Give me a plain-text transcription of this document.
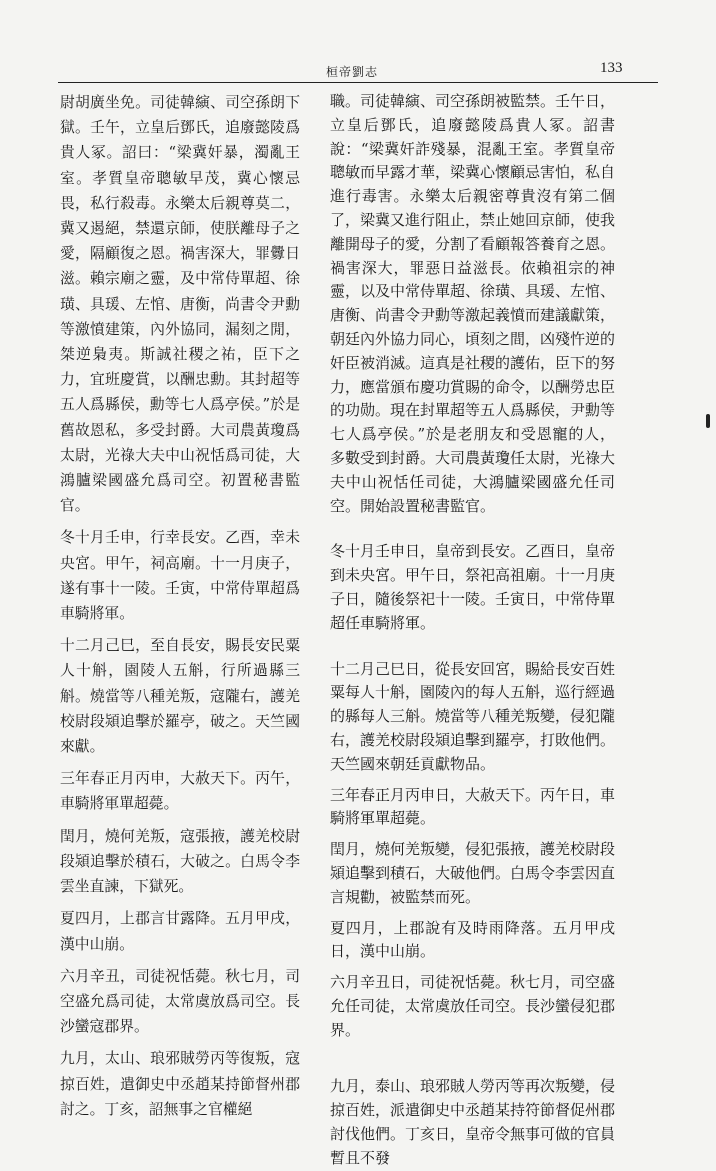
桓帝劉志	133

尉胡廣坐免。司徒韓縯、司空孫朗下獄。壬午，立皇后鄧氏，追廢懿陵爲貴人冢。詔曰：“梁冀奸暴，濁亂王室。孝質皇帝聰敏早茂，冀心懷忌畏，私行殺毒。永樂太后親尊莫二，冀又遏絕，禁還京師，使朕離母子之愛，隔顧復之恩。禍害深大，罪釁日滋。賴宗廟之靈，及中常侍單超、徐璜、具瑗、左悺、唐衡，尚書令尹勳等激憤建策，內外協同，漏刻之閒，桀逆梟夷。斯誠社稷之祐，臣下之力，宜班慶賞，以酬忠勳。其封超等五人爲縣侯，勳等七人爲亭侯。”於是舊故恩私，多受封爵。大司農黃瓊爲太尉，光祿大夫中山祝恬爲司徒，大鴻臚梁國盛允爲司空。初置秘書監官。

冬十月壬申，行幸長安。乙酉，幸未央宮。甲午，祠高廟。十一月庚子，遂有事十一陵。壬寅，中常侍單超爲車騎將軍。

十二月己巳，至自長安，賜長安民粟人十斛，園陵人五斛，行所過縣三斛。燒當等八種羌叛，寇隴右，護羌校尉段熲追擊於羅亭，破之。天竺國來獻。

三年春正月丙申，大赦天下。丙午，車騎將軍單超薨。

閏月，燒何羌叛，寇張掖，護羌校尉段熲追擊於積石，大破之。白馬令李雲坐直諫，下獄死。

夏四月，上郡言甘露降。五月甲戌，漢中山崩。

六月辛丑，司徒祝恬薨。秋七月，司空盛允爲司徒，太常虞放爲司空。長沙蠻寇郡界。

九月，太山、琅邪賊勞丙等復叛，寇掠百姓，遣御史中丞趙某持節督州郡討之。丁亥，詔無事之官權絕

職。司徒韓縯、司空孫朗被監禁。壬午日，立皇后鄧氏，追廢懿陵爲貴人冢。詔書說：“梁冀奸詐殘暴，混亂王室。孝質皇帝聰敏而早露才華，梁冀心懷顧忌害怕，私自進行毒害。永樂太后親密尊貴沒有第二個了，梁冀又進行阻止，禁止她回京師，使我離開母子的愛，分割了看顧報答養育之恩。禍害深大，罪惡日益滋長。依賴祖宗的神靈，以及中常侍單超、徐璜、具瑗、左悺、唐衡、尚書令尹勳等激起義憤而建議獻策，朝廷內外協力同心，頃刻之間，凶殘忤逆的奸臣被消滅。這真是社稷的護佑，臣下的努力，應當頒布慶功賞賜的命令，以酬勞忠臣的功勋。現在封單超等五人爲縣侯，尹勳等七人爲亭侯。”於是老朋友和受恩寵的人，多數受到封爵。大司農黃瓊任太尉，光祿大夫中山祝恬任司徒，大鴻臚梁國盛允任司空。開始設置秘書監官。

冬十月壬申日，皇帝到長安。乙酉日，皇帝到未央宮。甲午日，祭祀高祖廟。十一月庚子日，隨後祭祀十一陵。壬寅日，中常侍單超任車騎將軍。

十二月己巳日，從長安回宮，賜給長安百姓粟每人十斛，園陵內的每人五斛，巡行經過的縣每人三斛。燒當等八種羌叛變，侵犯隴右，護羌校尉段熲追擊到羅亭，打敗他們。天竺國來朝廷貢獻物品。

三年春正月丙申日，大赦天下。丙午日，車騎將軍單超薨。

閏月，燒何羌叛變，侵犯張掖，護羌校尉段熲追擊到積石，大破他們。白馬令李雲因直言規勸，被監禁而死。

夏四月，上郡說有及時雨降落。五月甲戌日，漢中山崩。

六月辛丑日，司徒祝恬薨。秋七月，司空盛允任司徒，太常虞放任司空。長沙蠻侵犯郡界。

九月，泰山、琅邪賊人勞丙等再次叛變，侵掠百姓，派遣御史中丞趙某持符節督促州郡討伐他們。丁亥日，皇帝令無事可做的官員暫且不發
